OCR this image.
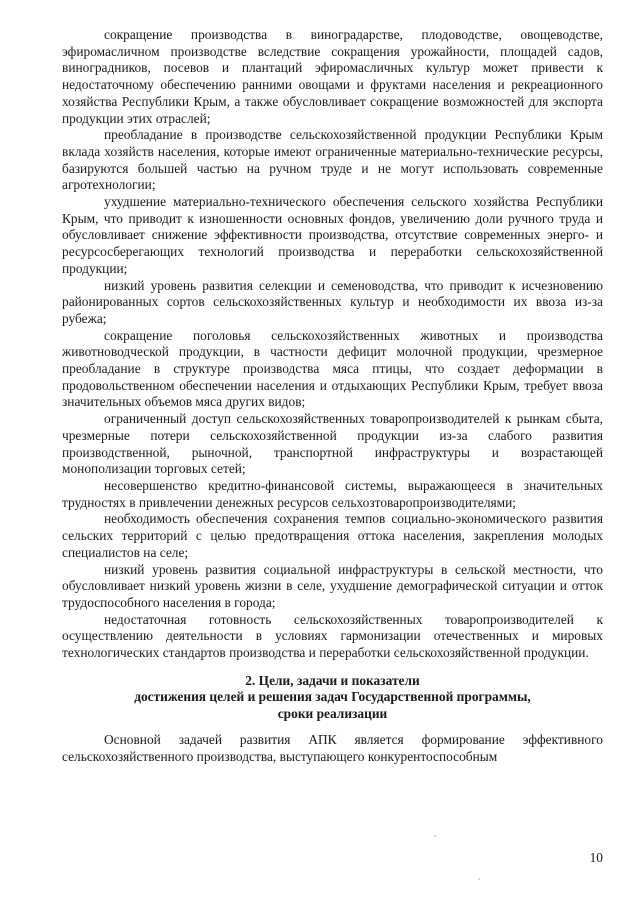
сокращение производства в виноградарстве, плодоводстве, овощеводстве, эфиромасличном производстве вследствие сокращения урожайности, площадей садов, виноградников, посевов и плантаций эфиромасличных культур может привести к недостаточному обеспечению ранними овощами и фруктами населения и рекреационного хозяйства Республики Крым, а также обусловливает сокращение возможностей для экспорта продукции этих отраслей;

преобладание в производстве сельскохозяйственной продукции Республики Крым вклада хозяйств населения, которые имеют ограниченные материально-технические ресурсы, базируются большей частью на ручном труде и не могут использовать современные агротехнологии;

ухудшение материально-технического обеспечения сельского хозяйства Республики Крым, что приводит к изношенности основных фондов, увеличению доли ручного труда и обусловливает снижение эффективности производства, отсутствие современных энерго- и ресурсосберегающих технологий производства и переработки сельскохозяйственной продукции;

низкий уровень развития селекции и семеноводства, что приводит к исчезновению районированных сортов сельскохозяйственных культур и необходимости их ввоза из-за рубежа;

сокращение поголовья сельскохозяйственных животных и производства животноводческой продукции, в частности дефицит молочной продукции, чрезмерное преобладание в структуре производства мяса птицы, что создает деформации в продовольственном обеспечении населения и отдыхающих Республики Крым, требует ввоза значительных объемов мяса других видов;

ограниченный доступ сельскохозяйственных товаропроизводителей к рынкам сбыта, чрезмерные потери сельскохозяйственной продукции из-за слабого развития производственной, рыночной, транспортной инфраструктуры и возрастающей монополизации торговых сетей;

несовершенство кредитно-финансовой системы, выражающееся в значительных трудностях в привлечении денежных ресурсов сельхозтоваропроизводителями;

необходимость обеспечения сохранения темпов социально-экономического развития сельских территорий с целью предотвращения оттока населения, закрепления молодых специалистов на селе;

низкий уровень развития социальной инфраструктуры в сельской местности, что обусловливает низкий уровень жизни в селе, ухудшение демографической ситуации и отток трудоспособного населения в города;

недостаточная готовность сельскохозяйственных товаропроизводителей к осуществлению деятельности в условиях гармонизации отечественных и мировых технологических стандартов производства и переработки сельскохозяйственной продукции.

2. Цели, задачи и показатели
достижения целей и решения задач Государственной программы,
сроки реализации

Основной задачей развития АПК является формирование эффективного сельскохозяйственного производства, выступающего конкурентоспособным

10
